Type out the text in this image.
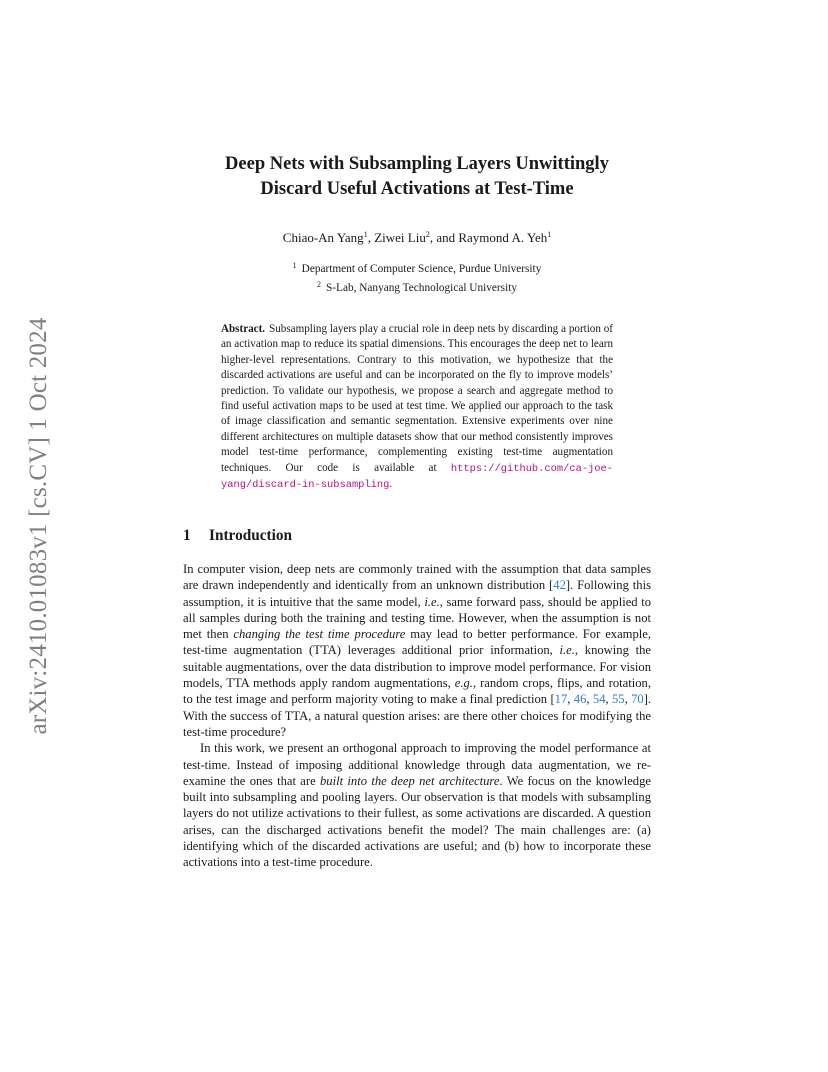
arXiv:2410.01083v1 [cs.CV] 1 Oct 2024
Deep Nets with Subsampling Layers Unwittingly
Discard Useful Activations at Test-Time
Chiao-An Yang$^1$, Ziwei Liu$^2$, and Raymond A. Yeh$^1$
$^1$ Department of Computer Science, Purdue University
$^2$ S-Lab, Nanyang Technological University
Abstract. Subsampling layers play a crucial role in deep nets by discarding a portion of an activation map to reduce its spatial dimensions. This encourages the deep net to learn higher-level representations. Contrary to this motivation, we hypothesize that the discarded activations are useful and can be incorporated on the fly to improve models’ prediction. To validate our hypothesis, we propose a search and aggregate method to find useful activation maps to be used at test time. We applied our approach to the task of image classification and semantic segmentation. Extensive experiments over nine different architectures on multiple datasets show that our method consistently improves model test-time performance, complementing existing test-time augmentation techniques. Our code is available at https://github.com/ca-joe-yang/discard-in-subsampling.
1 Introduction

In computer vision, deep nets are commonly trained with the assumption that data samples are drawn independently and identically from an unknown distribution [42]. Following this assumption, it is intuitive that the same model, i.e., same forward pass, should be applied to all samples during both the training and testing time. However, when the assumption is not met then changing the test time procedure may lead to better performance. For example, test-time augmentation (TTA) leverages additional prior information, i.e., knowing the suitable augmentations, over the data distribution to improve model performance. For vision models, TTA methods apply random augmentations, e.g., random crops, flips, and rotation, to the test image and perform majority voting to make a final prediction [17, 46, 54, 55, 70]. With the success of TTA, a natural question arises: are there other choices for modifying the test-time procedure?

In this work, we present an orthogonal approach to improving the model performance at test-time. Instead of imposing additional knowledge through data augmentation, we re-examine the ones that are built into the deep net architecture. We focus on the knowledge built into subsampling and pooling layers. Our observation is that models with subsampling layers do not utilize activations to their fullest, as some activations are discarded. A question arises, can the discharged activations benefit the model? The main challenges are: (a) identifying which of the discarded activations are useful; and (b) how to incorporate these activations into a test-time procedure.
